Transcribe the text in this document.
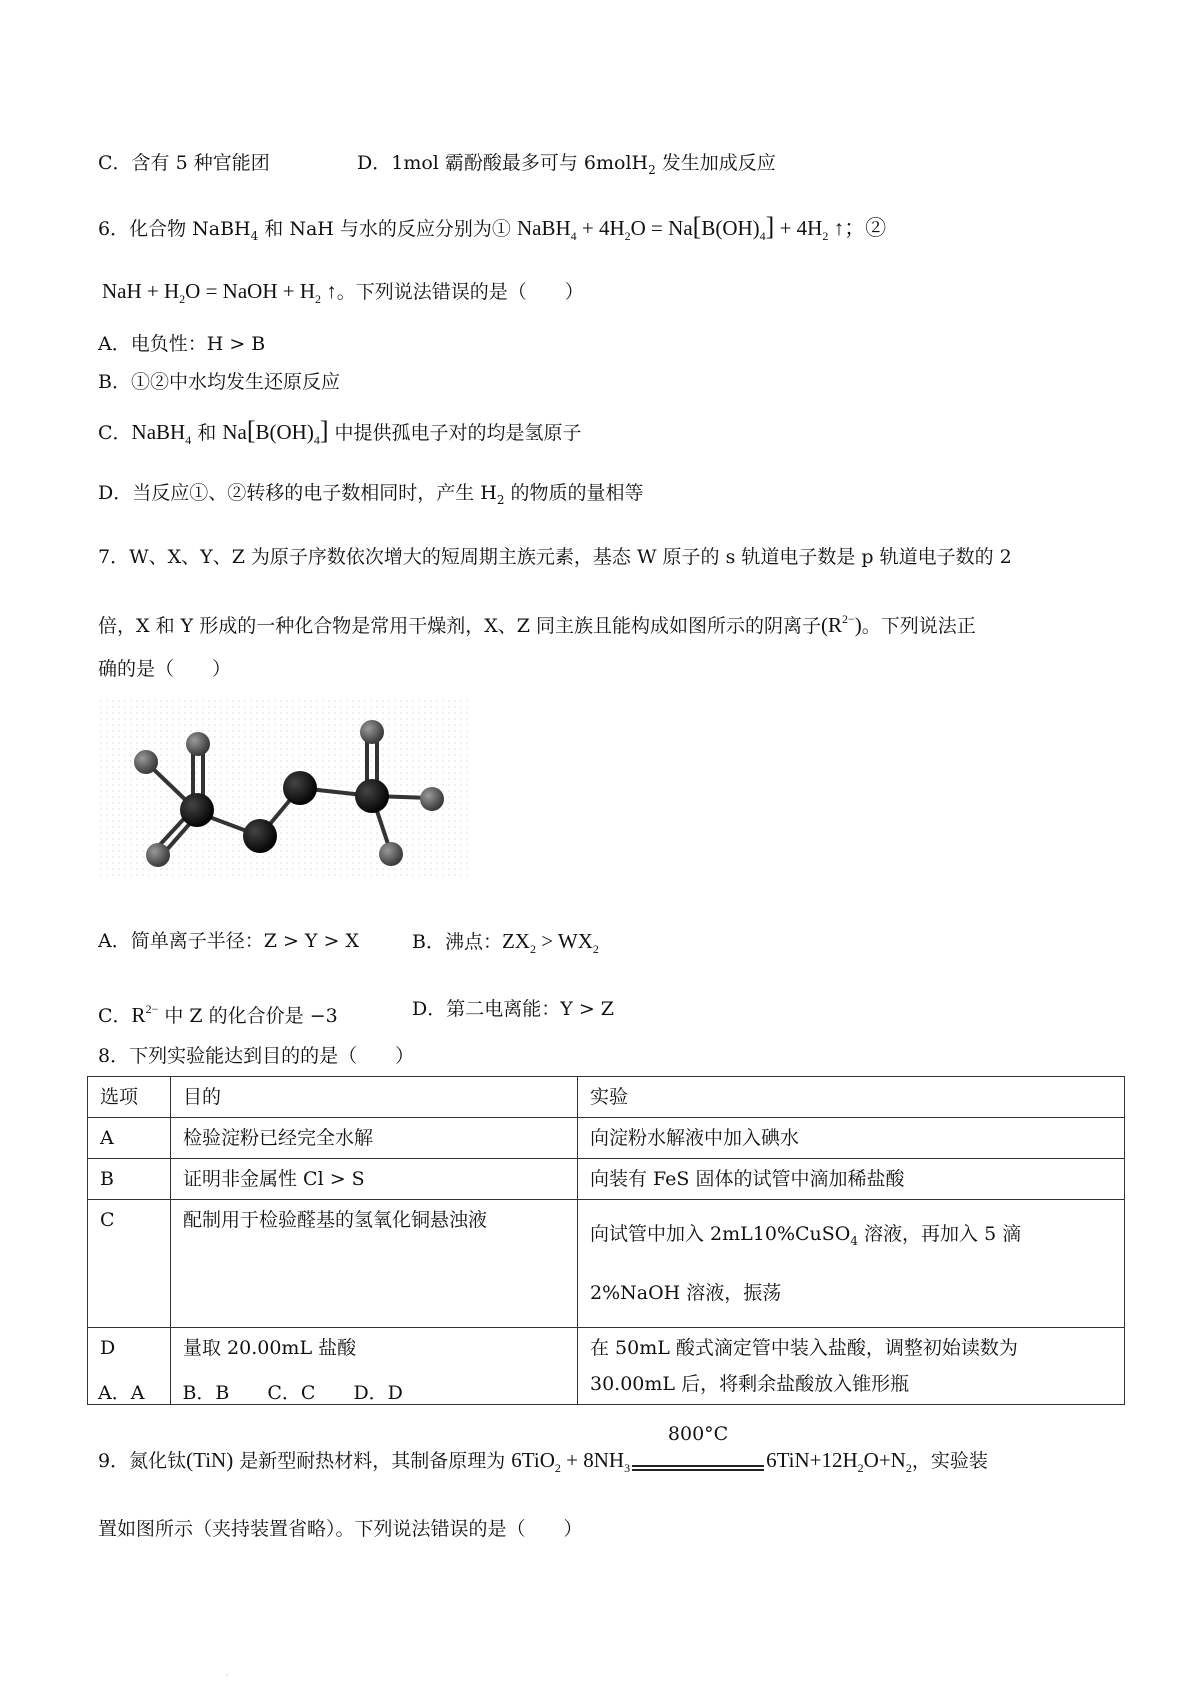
C．含有 5 种官能团	D．1mol 霸酚酸最多可与 6molH$_2$ 发生加成反应
6．化合物 NaBH$_4$ 和 NaH 与水的反应分别为① NaBH$_4$ + $4H_2O = Na[B(OH)_4] + 4H_2$ ↑；②
NaH + $H_2O$ = NaOH + $H_2$ ↑。下列说法错误的是（　　）
A．电负性：H > B
B．①②中水均发生还原反应
C．NaBH$_4$ 和 $Na[B(OH)_4]$ 中提供孤电子对的均是氢原子
D．当反应①、②转移的电子数相同时，产生 $H_2$ 的物质的量相等
7．W、X、Y、Z 为原子序数依次增大的短周期主族元素，基态 W 原子的 s 轨道电子数是 p 轨道电子数的 2
倍，X 和 Y 形成的一种化合物是常用干燥剂，X、Z 同主族且能构成如图所示的阴离子$(R^{2-})$。下列说法正
确的是（　　）
A．简单离子半径：Z > Y > X	B．沸点：$ZX_2 > WX_2$
C．$R^{2-}$ 中 Z 的化合价是 −3	D．第二电离能：Y > Z
8．下列实验能达到目的的是（　　）
选项	目的	实验
A	检验淀粉已经完全水解	向淀粉水解液中加入碘水
B	证明非金属性 Cl > S	向装有 FeS 固体的试管中滴加稀盐酸
C	配制用于检验醛基的氢氧化铜悬浊液	向试管中加入 2mL10%CuSO$_4$ 溶液，再加入 5 滴
2%NaOH 溶液，振荡

D	量取 20.00mL 盐酸	在 50mL 酸式滴定管中装入盐酸，调整初始读数为
30.00mL 后，将剩余盐酸放入锥形瓶
A．A　　B．B　　C．C　　D．D
9．氮化钛(TiN) 是新型耐热材料，其制备原理为 $6TiO_2 + 8NH_3$
800°C
$6TiN+12H_2O+N_2$，实验装
置如图所示（夹持装置省略）。下列说法错误的是（　　）
·
